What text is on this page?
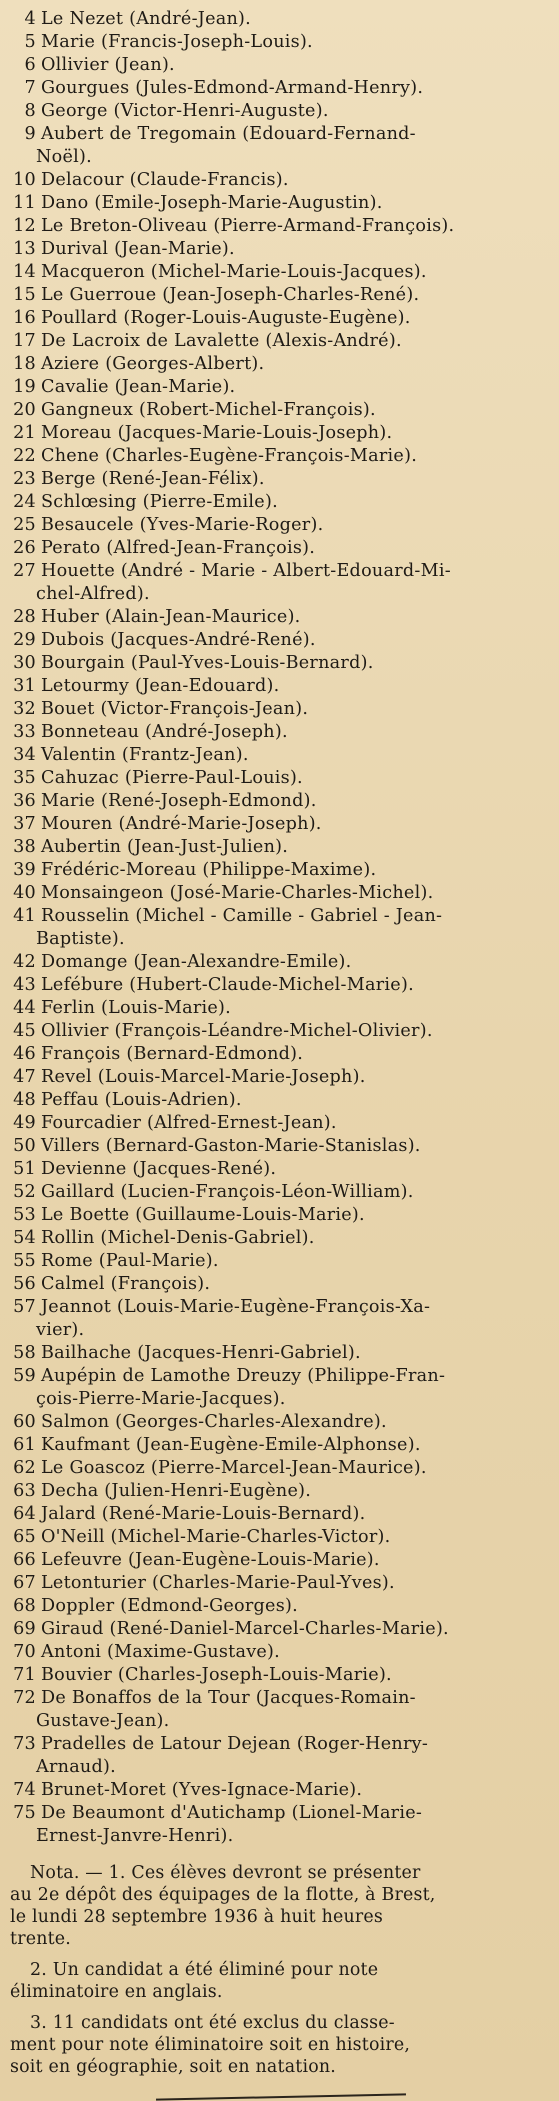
4 Le Nezet (André-Jean).
5 Marie (Francis-Joseph-Louis).
6 Ollivier (Jean).
7 Gourgues (Jules-Edmond-Armand-Henry).
8 George (Victor-Henri-Auguste).
9 Aubert de Tregomain (Edouard-Fernand-
Noël).
10 Delacour (Claude-Francis).
11 Dano (Emile-Joseph-Marie-Augustin).
12 Le Breton-Oliveau (Pierre-Armand-François).
13 Durival (Jean-Marie).
14 Macqueron (Michel-Marie-Louis-Jacques).
15 Le Guerroue (Jean-Joseph-Charles-René).
16 Poullard (Roger-Louis-Auguste-Eugène).
17 De Lacroix de Lavalette (Alexis-André).
18 Aziere (Georges-Albert).
19 Cavalie (Jean-Marie).
20 Gangneux (Robert-Michel-François).
21 Moreau (Jacques-Marie-Louis-Joseph).
22 Chene (Charles-Eugène-François-Marie).
23 Berge (René-Jean-Félix).
24 Schlœsing (Pierre-Emile).
25 Besaucele (Yves-Marie-Roger).
26 Perato (Alfred-Jean-François).
27 Houette (André - Marie - Albert-Edouard-Mi-
chel-Alfred).
28 Huber (Alain-Jean-Maurice).
29 Dubois (Jacques-André-René).
30 Bourgain (Paul-Yves-Louis-Bernard).
31 Letourmy (Jean-Edouard).
32 Bouet (Victor-François-Jean).
33 Bonneteau (André-Joseph).
34 Valentin (Frantz-Jean).
35 Cahuzac (Pierre-Paul-Louis).
36 Marie (René-Joseph-Edmond).
37 Mouren (André-Marie-Joseph).
38 Aubertin (Jean-Just-Julien).
39 Frédéric-Moreau (Philippe-Maxime).
40 Monsaingeon (José-Marie-Charles-Michel).
41 Rousselin (Michel - Camille - Gabriel - Jean-
Baptiste).
42 Domange (Jean-Alexandre-Emile).
43 Lefébure (Hubert-Claude-Michel-Marie).
44 Ferlin (Louis-Marie).
45 Ollivier (François-Léandre-Michel-Olivier).
46 François (Bernard-Edmond).
47 Revel (Louis-Marcel-Marie-Joseph).
48 Peffau (Louis-Adrien).
49 Fourcadier (Alfred-Ernest-Jean).
50 Villers (Bernard-Gaston-Marie-Stanislas).
51 Devienne (Jacques-René).
52 Gaillard (Lucien-François-Léon-William).
53 Le Boette (Guillaume-Louis-Marie).
54 Rollin (Michel-Denis-Gabriel).
55 Rome (Paul-Marie).
56 Calmel (François).
57 Jeannot (Louis-Marie-Eugène-François-Xa-
vier).
58 Bailhache (Jacques-Henri-Gabriel).
59 Aupépin de Lamothe Dreuzy (Philippe-Fran-
çois-Pierre-Marie-Jacques).
60 Salmon (Georges-Charles-Alexandre).
61 Kaufmant (Jean-Eugène-Emile-Alphonse).
62 Le Goascoz (Pierre-Marcel-Jean-Maurice).
63 Decha (Julien-Henri-Eugène).
64 Jalard (René-Marie-Louis-Bernard).
65 O'Neill (Michel-Marie-Charles-Victor).
66 Lefeuvre (Jean-Eugène-Louis-Marie).
67 Letonturier (Charles-Marie-Paul-Yves).
68 Doppler (Edmond-Georges).
69 Giraud (René-Daniel-Marcel-Charles-Marie).
70 Antoni (Maxime-Gustave).
71 Bouvier (Charles-Joseph-Louis-Marie).
72 De Bonaffos de la Tour (Jacques-Romain-
Gustave-Jean).
73 Pradelles de Latour Dejean (Roger-Henry-
Arnaud).
74 Brunet-Moret (Yves-Ignace-Marie).
75 De Beaumont d'Autichamp (Lionel-Marie-
Ernest-Janvre-Henri).
Nota. — 1. Ces élèves devront se présenter
au 2e dépôt des équipages de la flotte, à Brest,
le lundi 28 septembre 1936 à huit heures
trente.
2. Un candidat a été éliminé pour note
éliminatoire en anglais.
3. 11 candidats ont été exclus du classe-
ment pour note éliminatoire soit en histoire,
soit en géographie, soit en natation.
